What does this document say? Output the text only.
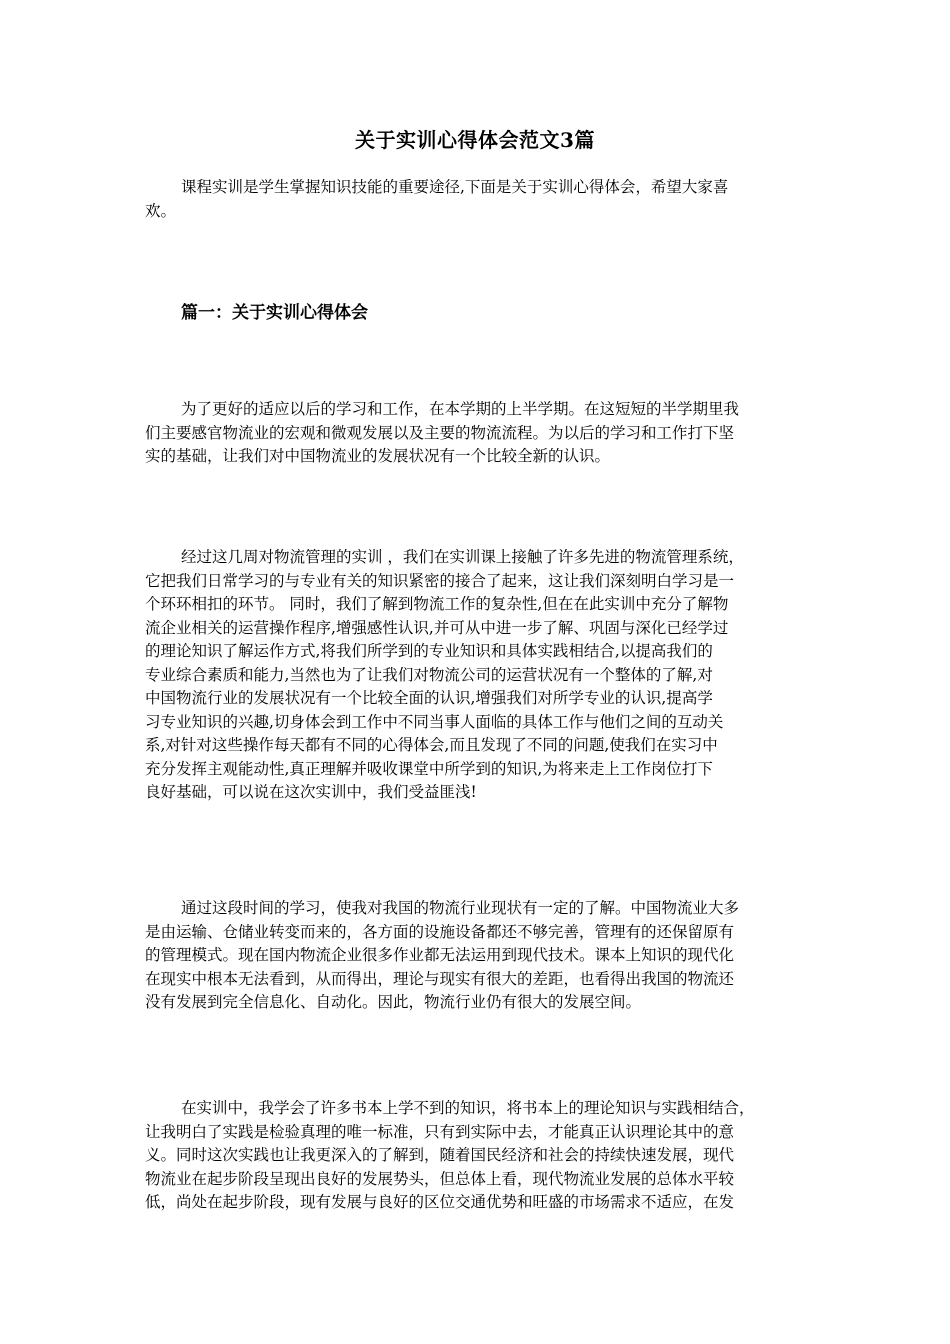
关于实训心得体会范文3篇

课程实训是学生掌握知识技能的重要途径,下面是关于实训心得体会，希望大家喜
欢。

篇一：关于实训心得体会

为了更好的适应以后的学习和工作，在本学期的上半学期。在这短短的半学期里我
们主要感官物流业的宏观和微观发展以及主要的物流流程。为以后的学习和工作打下坚
实的基础，让我们对中国物流业的发展状况有一个比较全新的认识。

经过这几周对物流管理的实训 ，我们在实训课上接触了许多先进的物流管理系统，
它把我们日常学习的与专业有关的知识紧密的接合了起来，这让我们深刻明白学习是一
个环环相扣的环节。 同时，我们了解到物流工作的复杂性,但在在此实训中充分了解物
流企业相关的运营操作程序,增强感性认识,并可从中进一步了解、巩固与深化已经学过
的理论知识了解运作方式,将我们所学到的专业知识和具体实践相结合,以提高我们的
专业综合素质和能力,当然也为了让我们对物流公司的运营状况有一个整体的了解,对
中国物流行业的发展状况有一个比较全面的认识,增强我们对所学专业的认识,提高学
习专业知识的兴趣,切身体会到工作中不同当事人面临的具体工作与他们之间的互动关
系,对针对这些操作每天都有不同的心得体会,而且发现了不同的问题,使我们在实习中
充分发挥主观能动性,真正理解并吸收课堂中所学到的知识,为将来走上工作岗位打下
良好基础，可以说在这次实训中，我们受益匪浅!

通过这段时间的学习，使我对我国的物流行业现状有一定的了解。中国物流业大多
是由运输、仓储业转变而来的，各方面的设施设备都还不够完善，管理有的还保留原有
的管理模式。现在国内物流企业很多作业都无法运用到现代技术。课本上知识的现代化
在现实中根本无法看到，从而得出，理论与现实有很大的差距，也看得出我国的物流还
没有发展到完全信息化、自动化。因此，物流行业仍有很大的发展空间。

在实训中，我学会了许多书本上学不到的知识，将书本上的理论知识与实践相结合，
让我明白了实践是检验真理的唯一标准，只有到实际中去，才能真正认识理论其中的意
义。同时这次实践也让我更深入的了解到，随着国民经济和社会的持续快速发展，现代
物流业在起步阶段呈现出良好的发展势头，但总体上看，现代物流业发展的总体水平较
低，尚处在起步阶段，现有发展与良好的区位交通优势和旺盛的市场需求不适应，在发
